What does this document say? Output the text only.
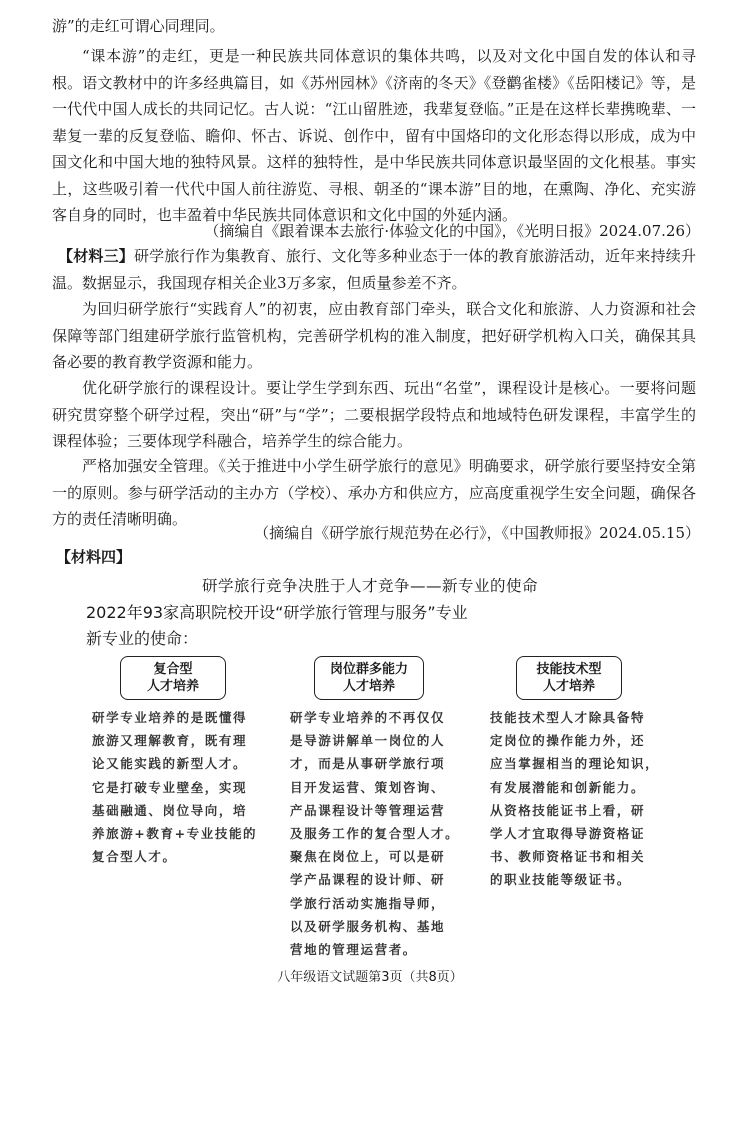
游”的走红可谓心同理同。

“课本游”的走红，更是一种民族共同体意识的集体共鸣，以及对文化中国自发的体认和寻根。语文教材中的许多经典篇目，如《苏州园林》《济南的冬天》《登鹳雀楼》《岳阳楼记》等，是一代代中国人成长的共同记忆。古人说：“江山留胜迹，我辈复登临。”正是在这样长辈携晚辈、一辈复一辈的反复登临、瞻仰、怀古、诉说、创作中，留有中国烙印的文化形态得以形成，成为中国文化和中国大地的独特风景。这样的独特性，是中华民族共同体意识最坚固的文化根基。事实上，这些吸引着一代代中国人前往游览、寻根、朝圣的“课本游”目的地，在熏陶、净化、充实游客自身的同时，也丰盈着中华民族共同体意识和文化中国的外延内涵。

（摘编自《跟着课本去旅行·体验文化的中国》，《光明日报》2024.07.26）

【材料三】研学旅行作为集教育、旅行、文化等多种业态于一体的教育旅游活动，近年来持续升温。数据显示，我国现存相关企业3万多家，但质量参差不齐。

为回归研学旅行“实践育人”的初衷，应由教育部门牵头，联合文化和旅游、人力资源和社会保障等部门组建研学旅行监管机构，完善研学机构的准入制度，把好研学机构入口关，确保其具备必要的教育教学资源和能力。

优化研学旅行的课程设计。要让学生学到东西、玩出“名堂”，课程设计是核心。一要将问题研究贯穿整个研学过程，突出“研”与“学”；二要根据学段特点和地域特色研发课程，丰富学生的课程体验；三要体现学科融合，培养学生的综合能力。

严格加强安全管理。《关于推进中小学生研学旅行的意见》明确要求，研学旅行要坚持安全第一的原则。参与研学活动的主办方（学校）、承办方和供应方，应高度重视学生安全问题，确保各方的责任清晰明确。

（摘编自《研学旅行规范势在必行》，《中国教师报》2024.05.15）
【材料四】
研学旅行竞争决胜于人才竞争——新专业的使命
2022年93家高职院校开设“研学旅行管理与服务”专业
新专业的使命：
复合型
人才培养
岗位群多能力
人才培养
技能技术型
人才培养
研学专业培养的是既懂得
旅游又理解教育，既有理
论又能实践的新型人才。
它是打破专业壁垒，实现
基础融通、岗位导向，培
养旅游+教育+专业技能的
复合型人才。
研学专业培养的不再仅仅
是导游讲解单一岗位的人
才，而是从事研学旅行项
目开发运营、策划咨询、
产品课程设计等管理运营
及服务工作的复合型人才。
聚焦在岗位上，可以是研
学产品课程的设计师、研
学旅行活动实施指导师，
以及研学服务机构、基地
营地的管理运营者。
技能技术型人才除具备特
定岗位的操作能力外，还
应当掌握相当的理论知识，
有发展潜能和创新能力。
从资格技能证书上看，研
学人才宜取得导游资格证
书、教师资格证书和相关
的职业技能等级证书。
八年级语文试题第3页（共8页）
